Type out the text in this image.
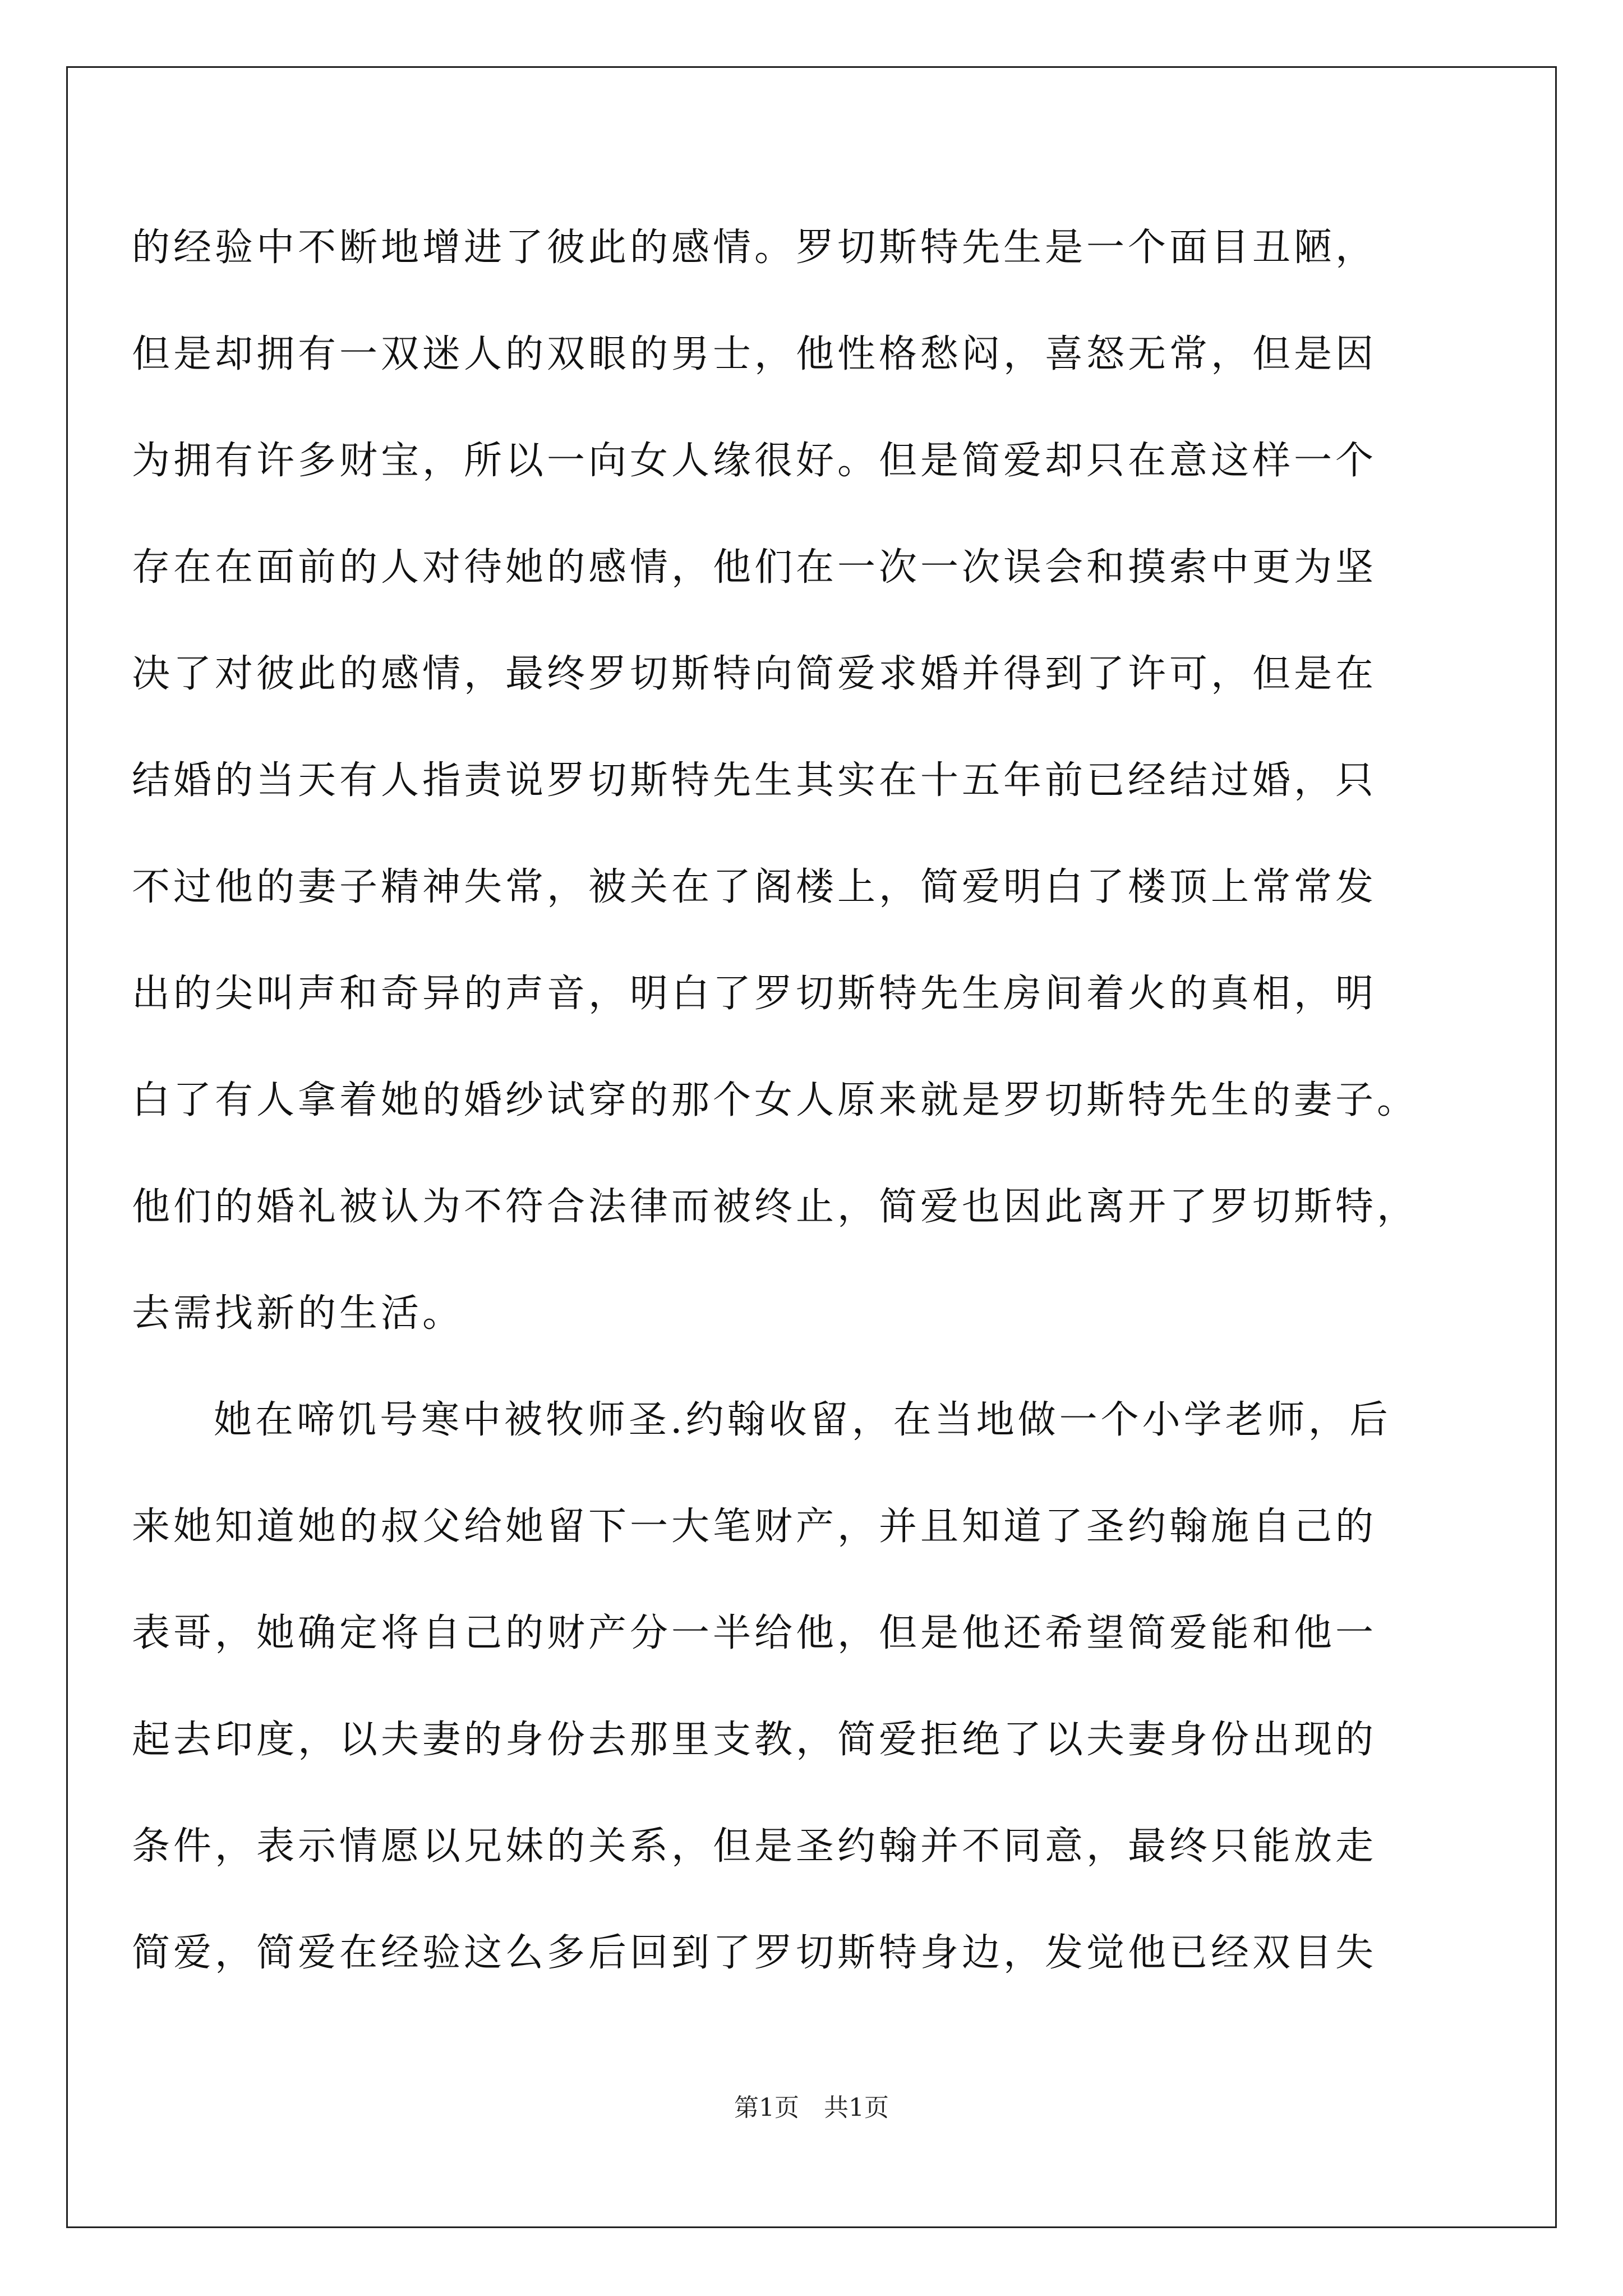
的经验中不断地增进了彼此的感情。罗切斯特先生是一个面目丑陋，
但是却拥有一双迷人的双眼的男士，他性格愁闷，喜怒无常，但是因
为拥有许多财宝，所以一向女人缘很好。但是简爱却只在意这样一个
存在在面前的人对待她的感情，他们在一次一次误会和摸索中更为坚
决了对彼此的感情，最终罗切斯特向简爱求婚并得到了许可，但是在
结婚的当天有人指责说罗切斯特先生其实在十五年前已经结过婚，只
不过他的妻子精神失常，被关在了阁楼上，简爱明白了楼顶上常常发
出的尖叫声和奇异的声音，明白了罗切斯特先生房间着火的真相，明
白了有人拿着她的婚纱试穿的那个女人原来就是罗切斯特先生的妻子。
他们的婚礼被认为不符合法律而被终止，简爱也因此离开了罗切斯特，
去需找新的生活。
她在啼饥号寒中被牧师圣.约翰收留，在当地做一个小学老师，后
来她知道她的叔父给她留下一大笔财产，并且知道了圣约翰施自己的
表哥，她确定将自己的财产分一半给他，但是他还希望简爱能和他一
起去印度，以夫妻的身份去那里支教，简爱拒绝了以夫妻身份出现的
条件，表示情愿以兄妹的关系，但是圣约翰并不同意，最终只能放走
简爱，简爱在经验这么多后回到了罗切斯特身边，发觉他已经双目失
第1页　共1页
